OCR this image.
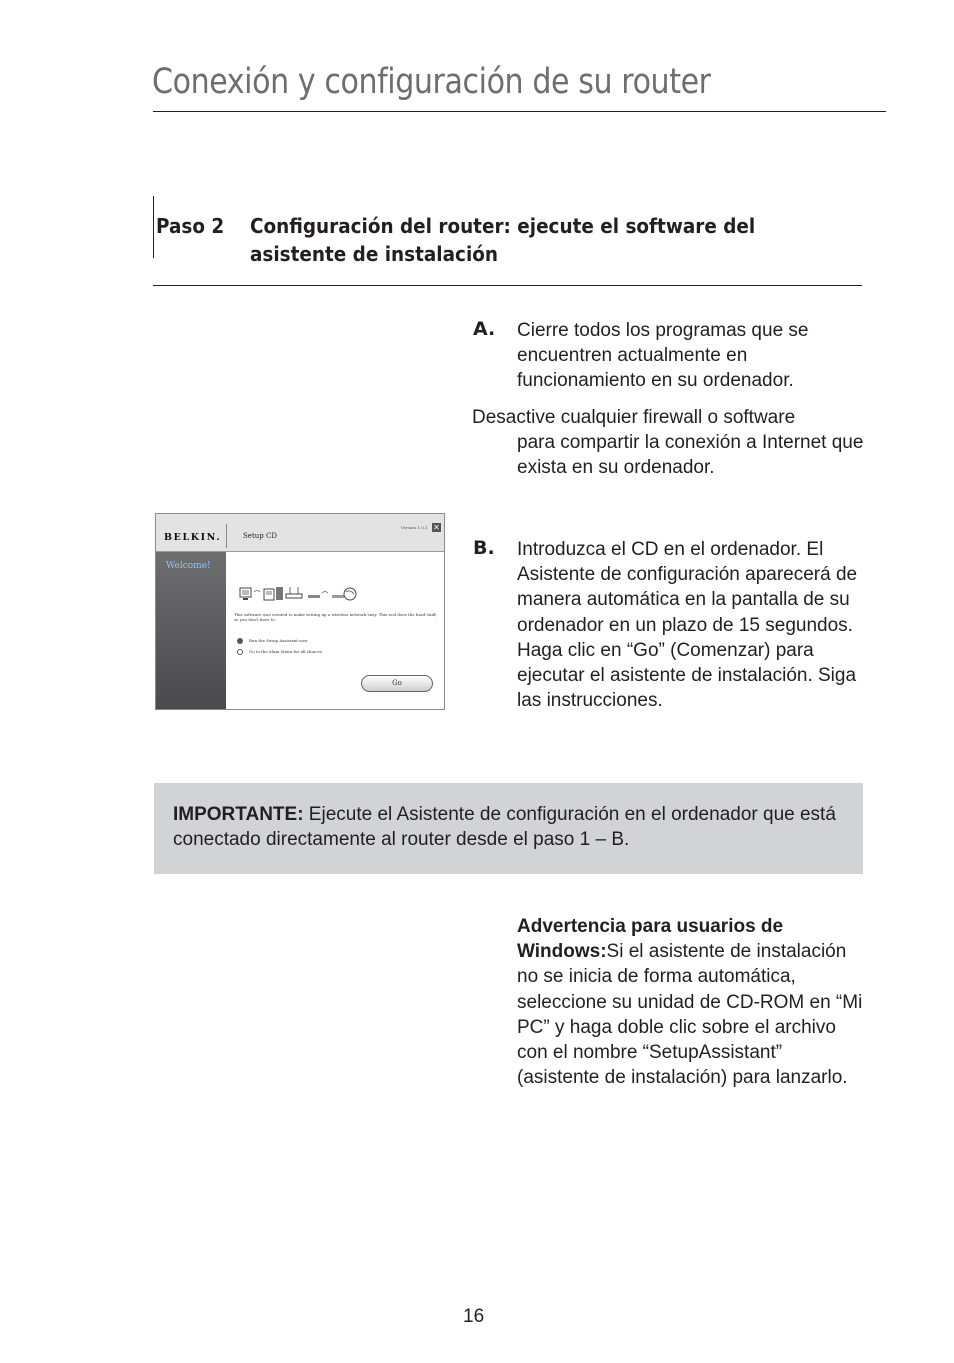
Conexión y configuración de su router
Paso 2 Configuración del router: ejecute el software del asistente de instalación
A. Cierre todos los programas que se encuentren actualmente en funcionamiento en su ordenador.
Desactive cualquier firewall o software
para compartir la conexión a Internet que exista en su ordenador.
BELKIN.	Setup CD
Version 1.0.1 ✕
Welcome!
This software was created to make setting up a wireless network easy. This tool does the hard stuff, so you don't have to.
Run the Setup Assistant now
Go to the Main Menu for all choices
Go
B. Introduzca el CD en el ordenador. El Asistente de configuración aparecerá de manera automática en la pantalla de su ordenador en un plazo de 15 segundos. Haga clic en “Go” (Comenzar) para ejecutar el asistente de instalación. Siga las instrucciones.
IMPORTANTE: Ejecute el Asistente de configuración en el ordenador que está conectado directamente al router desde el paso 1 – B.
Advertencia para usuarios de Windows:Si el asistente de instalación no se inicia de forma automática, seleccione su unidad de CD-ROM en “Mi PC” y haga doble clic sobre el archivo con el nombre “SetupAssistant” (asistente de instalación) para lanzarlo.
16
